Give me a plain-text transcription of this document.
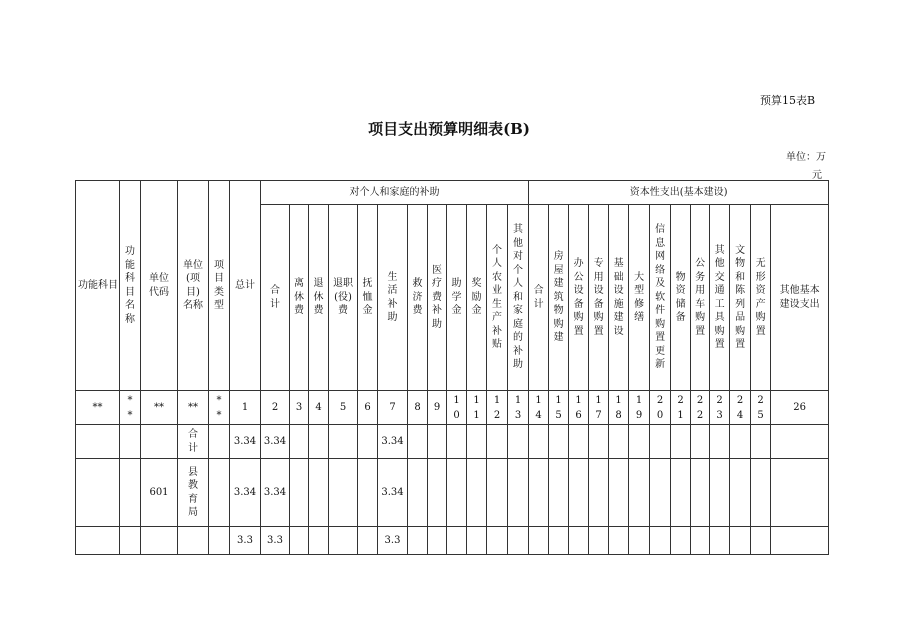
预算15表B
项目支出预算明细表(B)
单位：万
元
功能科目	功能科目名称	单位代码	单位(项目)名称	项目类型	总计	对个人和家庭的补助												资本性支出(基本建设)												
						合计	离休费	退休费	退职(役)费	抚恤金	生活补助	救济费	医疗费补助	助学金	奖励金	个人农业生产补贴	其他对个人和家庭的补助	合计	房屋建筑物购建	办公设备购置	专用设备购置	基础设施建设	大型修缮	信息网络及软件购置更新	物资储备	公务用车购置	其他交通工具购置	文物和陈列品购置	无形资产购置	其他基本建设支出
**	**	**	**	**	1	2	3	4	5	6	7	8	9	10	11	12	13	14	15	16	17	18	19	20	21	22	23	24	25	26
			合计		3.34	3.34					3.34																			
		601	县教育局		3.34	3.34					3.34																			
					3.3	3.3					3.3																			
